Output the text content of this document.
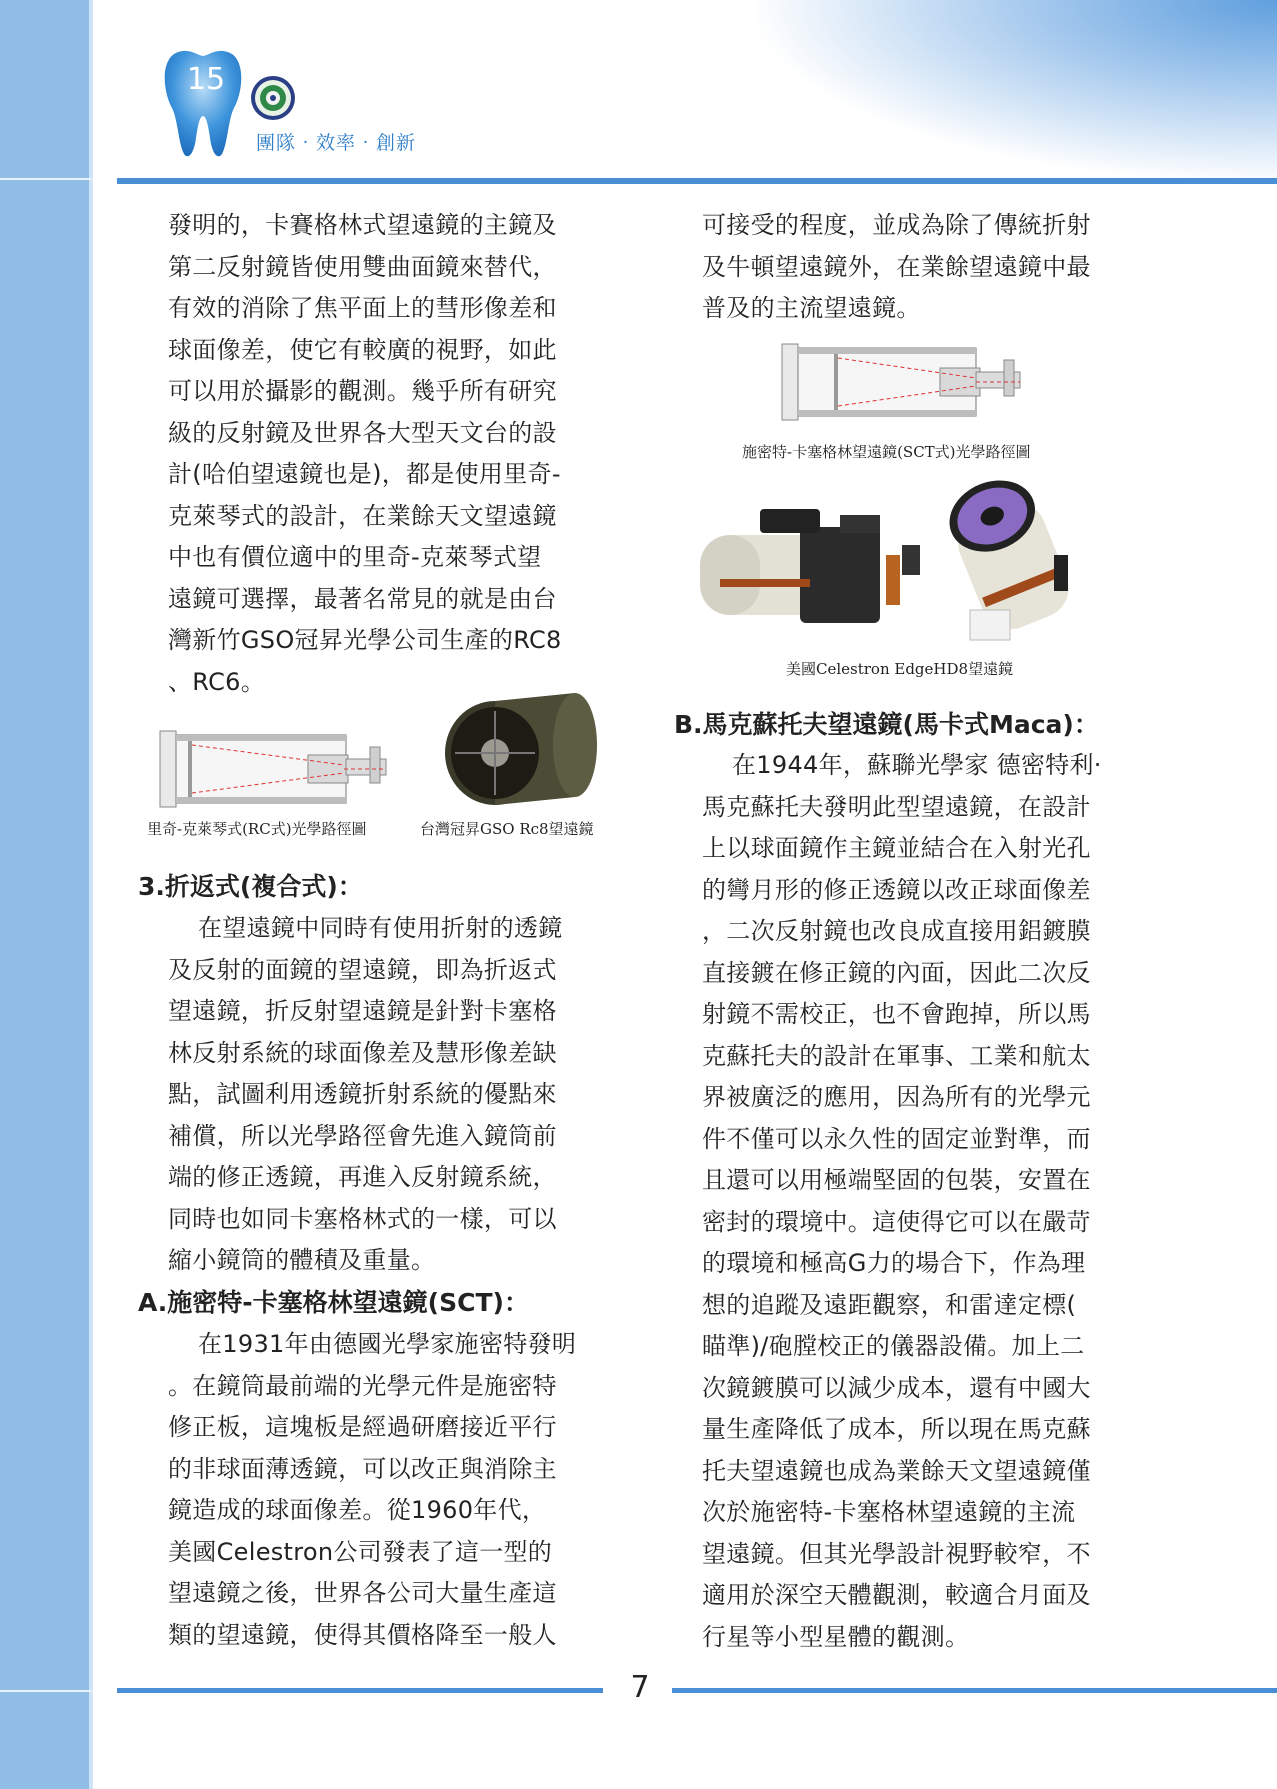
15
團隊‧效率‧創新
發明的，卡賽格林式望遠鏡的主鏡及
第二反射鏡皆使用雙曲面鏡來替代，
有效的消除了焦平面上的彗形像差和
球面像差，使它有較廣的視野，如此
可以用於攝影的觀測。幾乎所有研究
級的反射鏡及世界各大型天文台的設
計(哈伯望遠鏡也是)，都是使用里奇-
克萊琴式的設計，在業餘天文望遠鏡
中也有價位適中的里奇-克萊琴式望
遠鏡可選擇，最著名常見的就是由台
灣新竹GSO冠昇光學公司生產的RC8
、RC6。
里奇-克萊琴式(RC式)光學路徑圖	台灣冠昇GSO Rc8望遠鏡
3.折返式(複合式)：
在望遠鏡中同時有使用折射的透鏡
及反射的面鏡的望遠鏡，即為折返式
望遠鏡，折反射望遠鏡是針對卡塞格
林反射系統的球面像差及慧形像差缺
點，試圖利用透鏡折射系統的優點來
補償，所以光學路徑會先進入鏡筒前
端的修正透鏡，再進入反射鏡系統，
同時也如同卡塞格林式的一樣，可以
縮小鏡筒的體積及重量。
A.施密特-卡塞格林望遠鏡(SCT)：
在1931年由德國光學家施密特發明
。在鏡筒最前端的光學元件是施密特
修正板，這塊板是經過研磨接近平行
的非球面薄透鏡，可以改正與消除主
鏡造成的球面像差。從1960年代，
美國Celestron公司發表了這一型的
望遠鏡之後，世界各公司大量生產這
類的望遠鏡，使得其價格降至一般人
可接受的程度，並成為除了傳統折射
及牛頓望遠鏡外，在業餘望遠鏡中最
普及的主流望遠鏡。
施密特-卡塞格林望遠鏡(SCT式)光學路徑圖
美國Celestron EdgeHD8望遠鏡
B.馬克蘇托夫望遠鏡(馬卡式Maca)：
在1944年，蘇聯光學家 德密特利·
馬克蘇托夫發明此型望遠鏡，在設計
上以球面鏡作主鏡並結合在入射光孔
的彎月形的修正透鏡以改正球面像差
，二次反射鏡也改良成直接用鋁鍍膜
直接鍍在修正鏡的內面，因此二次反
射鏡不需校正，也不會跑掉，所以馬
克蘇托夫的設計在軍事、工業和航太
界被廣泛的應用，因為所有的光學元
件不僅可以永久性的固定並對準，而
且還可以用極端堅固的包裝，安置在
密封的環境中。這使得它可以在嚴苛
的環境和極高G力的場合下，作為理
想的追蹤及遠距觀察，和雷達定標(
瞄準)/砲膛校正的儀器設備。加上二
次鏡鍍膜可以減少成本，還有中國大
量生產降低了成本，所以現在馬克蘇
托夫望遠鏡也成為業餘天文望遠鏡僅
次於施密特-卡塞格林望遠鏡的主流
望遠鏡。但其光學設計視野較窄，不
適用於深空天體觀測，較適合月面及
行星等小型星體的觀測。
7
